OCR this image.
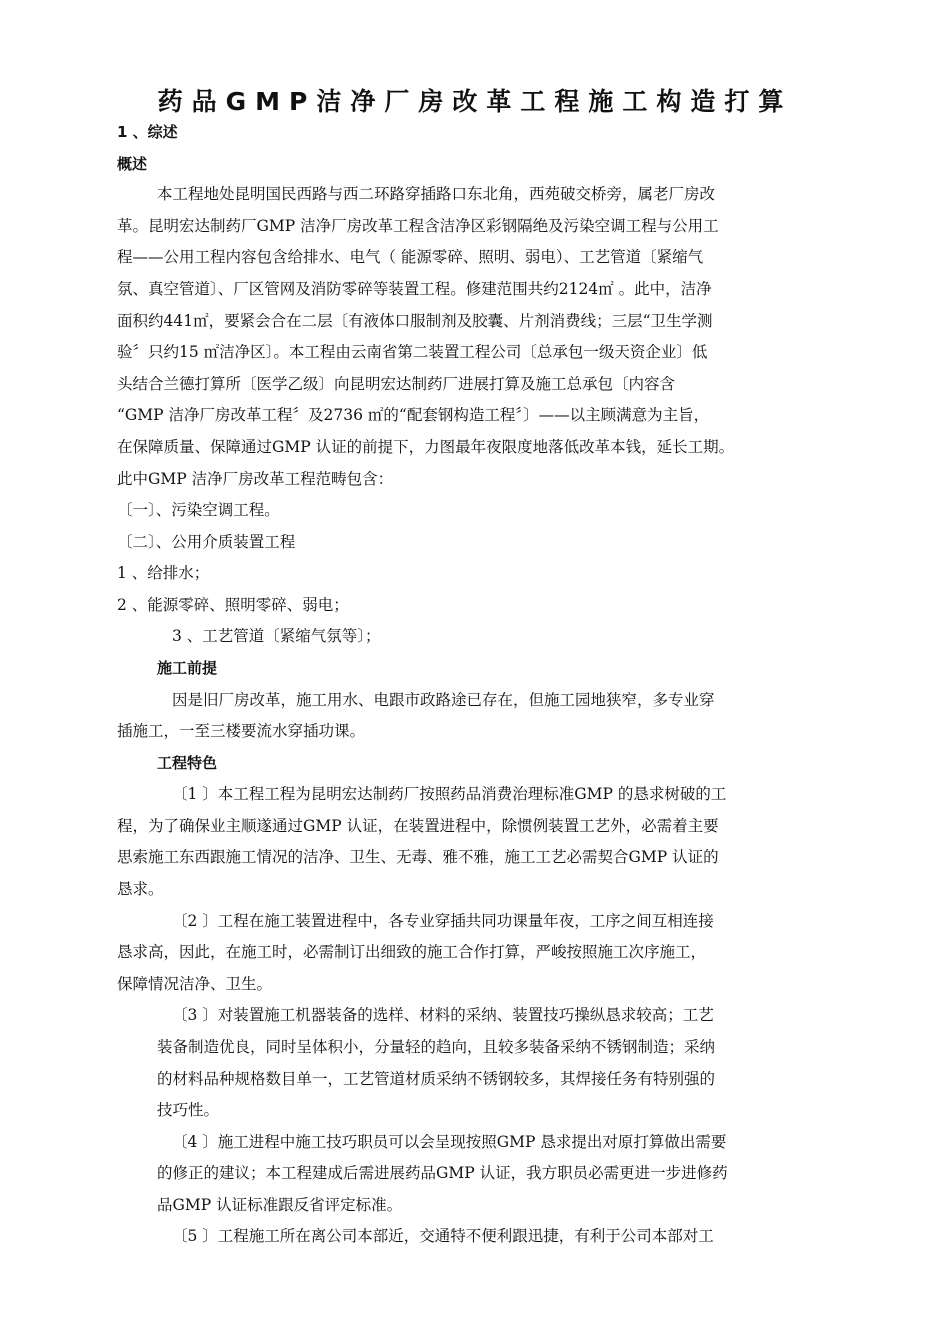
药品GMP洁净厂房改革工程施工构造打算
1 、综述
概述
本工程地处昆明国民西路与西二环路穿插路口东北角，西苑破交桥旁，属老厂房改
革。昆明宏达制药厂GMP 洁净厂房改革工程含洁净区彩钢隔绝及污染空调工程与公用工
程——公用工程内容包含给排水、电气（ 能源零碎、照明、弱电）、工艺管道〔紧缩气
氛、真空管道〕、厂区管网及消防零碎等装置工程。修建范围共约2124㎡ 。此中，洁净
面积约441㎡，要紧会合在二层〔有液体口服制剂及胶囊、片剂消费线；三层“卫生学测
验〞只约15 ㎡洁净区〕。本工程由云南省第二装置工程公司〔总承包一级天资企业〕低
头结合兰德打算所〔医学乙级〕向昆明宏达制药厂进展打算及施工总承包〔内容含
“GMP 洁净厂房改革工程〞及2736 ㎡的“配套钢构造工程〞〕——以主顾满意为主旨，
在保障质量、保障通过GMP 认证的前提下，力图最年夜限度地落低改革本钱，延长工期。
此中GMP 洁净厂房改革工程范畴包含：
〔一〕、污染空调工程。
〔二〕、公用介质装置工程
1 、给排水；
2 、能源零碎、照明零碎、弱电；
3 、工艺管道〔紧缩气氛等〕；
施工前提
因是旧厂房改革，施工用水、电跟市政路途已存在，但施工园地狭窄，多专业穿
插施工，一至三楼要流水穿插功课。
工程特色
〔1 〕本工程工程为昆明宏达制药厂按照药品消费治理标准GMP 的恳求树破的工
程，为了确保业主顺遂通过GMP 认证，在装置进程中，除惯例装置工艺外，必需着主要
思索施工东西跟施工情况的洁净、卫生、无毒、雅不雅，施工工艺必需契合GMP 认证的
恳求。
〔2 〕工程在施工装置进程中，各专业穿插共同功课量年夜，工序之间互相连接
恳求高，因此，在施工时，必需制订出细致的施工合作打算，严峻按照施工次序施工，
保障情况洁净、卫生。
〔3 〕对装置施工机器装备的选样、材料的采纳、装置技巧操纵恳求较高；工艺
装备制造优良，同时呈体积小，分量轻的趋向，且较多装备采纳不锈钢制造；采纳
的材料品种规格数目单一，工艺管道材质采纳不锈钢较多，其焊接任务有特别强的
技巧性。
〔4 〕施工进程中施工技巧职员可以会呈现按照GMP 恳求提出对原打算做出需要
的修正的建议；本工程建成后需进展药品GMP 认证，我方职员必需更进一步进修药
品GMP 认证标准跟反省评定标准。
〔5 〕工程施工所在离公司本部近，交通特不便利跟迅捷，有利于公司本部对工
